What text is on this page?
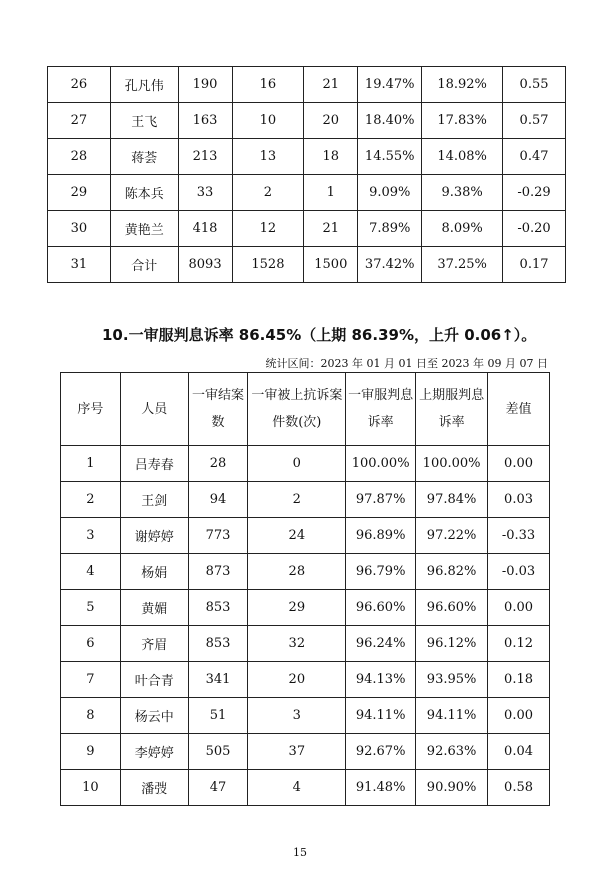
26	孔凡伟	190	16	21	19.47%	18.92%	0.55
27	王飞	163	10	20	18.40%	17.83%	0.57
28	蒋荟	213	13	18	14.55%	14.08%	0.47
29	陈本兵	33	2	1	9.09%	9.38%	-0.29
30	黄艳兰	418	12	21	7.89%	8.09%	-0.20
31	合计	8093	1528	1500	37.42%	37.25%	0.17
10.一审服判息诉率 86.45%（上期 86.39%，上升 0.06↑）。
统计区间：2023 年 01 月 01 日至 2023 年 09 月 07 日
序号	人员	一审结案数	一审被上抗诉案件数(次)	一审服判息诉率	上期服判息诉率	差值
1	吕寿春	28	0	100.00%	100.00%	0.00
2	王剑	94	2	97.87%	97.84%	0.03
3	谢婷婷	773	24	96.89%	97.22%	-0.33
4	杨娟	873	28	96.79%	96.82%	-0.03
5	黄媚	853	29	96.60%	96.60%	0.00
6	齐眉	853	32	96.24%	96.12%	0.12
7	叶合青	341	20	94.13%	93.95%	0.18
8	杨云中	51	3	94.11%	94.11%	0.00
9	李婷婷	505	37	92.67%	92.63%	0.04
10	潘弢	47	4	91.48%	90.90%	0.58
15
